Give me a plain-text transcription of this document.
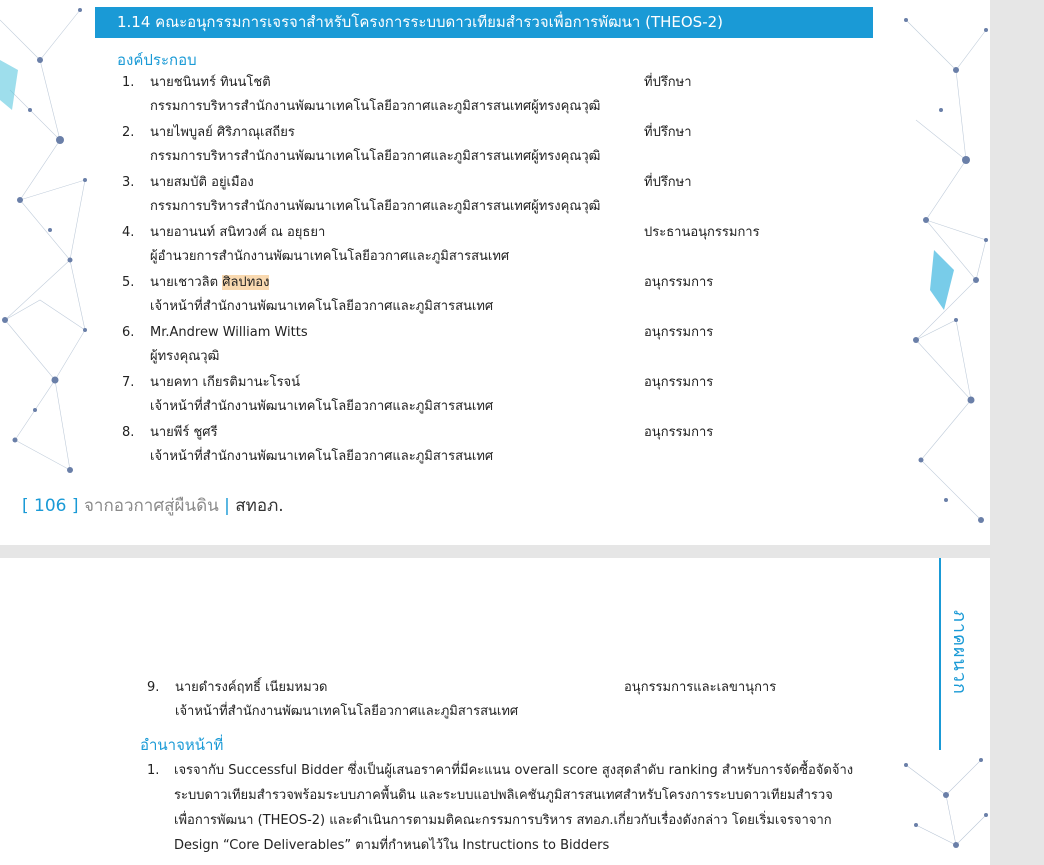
1.14 คณะอนุกรรมการเจรจาสำหรับโครงการระบบดาวเทียมสำรวจเพื่อการพัฒนา (THEOS-2)
องค์ประกอบ
1. นายชนินทร์ ทินนโชติ	ที่ปรึกษา
กรรมการบริหารสำนักงานพัฒนาเทคโนโลยีอวกาศและภูมิสารสนเทศผู้ทรงคุณวุฒิ
2. นายไพบูลย์ ศิริภาณุเสถียร	ที่ปรึกษา
กรรมการบริหารสำนักงานพัฒนาเทคโนโลยีอวกาศและภูมิสารสนเทศผู้ทรงคุณวุฒิ
3. นายสมบัติ อยู่เมือง	ที่ปรึกษา
กรรมการบริหารสำนักงานพัฒนาเทคโนโลยีอวกาศและภูมิสารสนเทศผู้ทรงคุณวุฒิ
4. นายอานนท์ สนิทวงศ์ ณ อยุธยา	ประธานอนุกรรมการ
ผู้อำนวยการสำนักงานพัฒนาเทคโนโลยีอวกาศและภูมิสารสนเทศ
5. นายเชาวลิต ศิลปทอง	อนุกรรมการ
เจ้าหน้าที่สำนักงานพัฒนาเทคโนโลยีอวกาศและภูมิสารสนเทศ
6. Mr.Andrew William Witts	อนุกรรมการ
ผู้ทรงคุณวุฒิ
7. นายคทา เกียรติมานะโรจน์	อนุกรรมการ
เจ้าหน้าที่สำนักงานพัฒนาเทคโนโลยีอวกาศและภูมิสารสนเทศ
8. นายพีร์ ชูศรี	อนุกรรมการ
เจ้าหน้าที่สำนักงานพัฒนาเทคโนโลยีอวกาศและภูมิสารสนเทศ
[ 106 ] จากอวกาศสู่ผืนดิน | สทอภ.
9. นายดำรงค์ฤทธิ์ เนียมหมวด	อนุกรรมการและเลขานุการ
เจ้าหน้าที่สำนักงานพัฒนาเทคโนโลยีอวกาศและภูมิสารสนเทศ
ภาคผนวก
อำนาจหน้าที่
1. เจรจากับ Successful Bidder ซึ่งเป็นผู้เสนอราคาที่มีคะแนน overall score สูงสุดลำดับ ranking สำหรับการจัดซื้อจัดจ้าง
ระบบดาวเทียมสำรวจพร้อมระบบภาคพื้นดิน และระบบแอปพลิเคชันภูมิสารสนเทศสำหรับโครงการระบบดาวเทียมสำรวจ
เพื่อการพัฒนา (THEOS-2) และดำเนินการตามมติคณะกรรมการบริหาร สทอภ.เกี่ยวกับเรื่องดังกล่าว โดยเริ่มเจรจาจาก
Design “Core Deliverables” ตามที่กำหนดไว้ใน Instructions to Bidders
